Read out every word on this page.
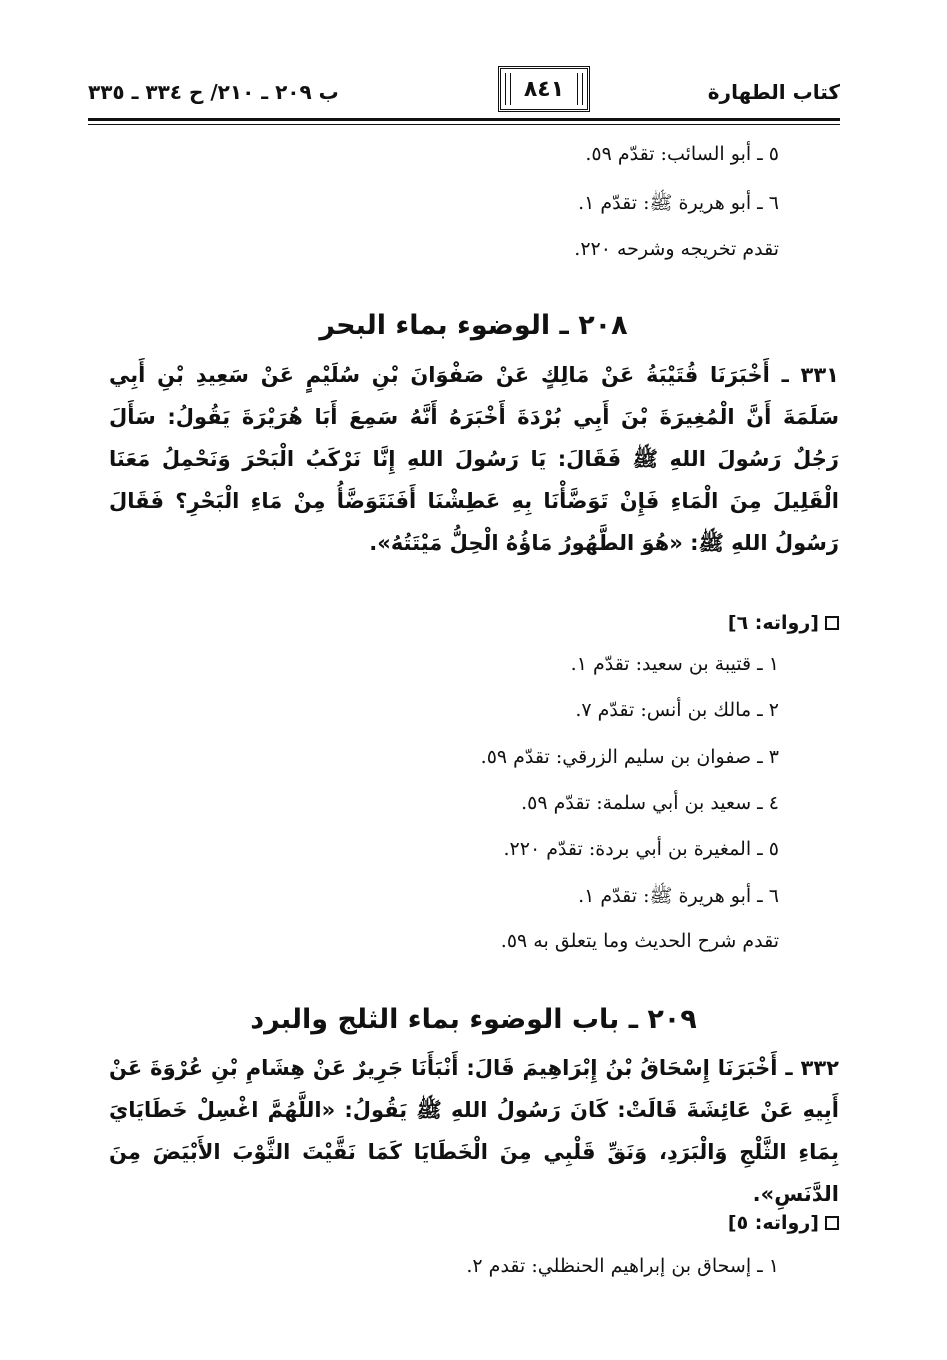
كتاب الطهارة
٨٤١
ب ٢٠٩ ـ ٢١٠/ ح ٣٣٤ ـ ٣٣٥
٥ ـ أبو السائب: تقدّم ٥٩.
٦ ـ أبو هريرة ﷺ: تقدّم ١.
تقدم تخريجه وشرحه ٢٢٠.
٢٠٨ ـ الوضوء بماء البحر
٣٣١ ـ أَخْبَرَنَا قُتَيْبَةُ عَنْ مَالِكٍ عَنْ صَفْوَانَ بْنِ سُلَيْمٍ عَنْ سَعِيدِ بْنِ أَبِي سَلَمَةَ أَنَّ الْمُغِيرَةَ بْنَ أَبِي بُرْدَةَ أَخْبَرَهُ أَنَّهُ سَمِعَ أَبَا هُرَيْرَةَ يَقُولُ: سَأَلَ رَجُلٌ رَسُولَ اللهِ ﷺ فَقَالَ: يَا رَسُولَ اللهِ إِنَّا نَرْكَبُ الْبَحْرَ وَنَحْمِلُ مَعَنَا الْقَلِيلَ مِنَ الْمَاءِ فَإِنْ تَوَضَّأْنَا بِهِ عَطِشْنَا أَفَنَتَوَضَّأُ مِنْ مَاءِ الْبَحْرِ؟ فَقَالَ رَسُولُ اللهِ ﷺ: «هُوَ الطَّهُورُ مَاؤُهُ الْحِلُّ مَيْتَتُهُ».
[رواته: ٦]
١ ـ قتيبة بن سعيد: تقدّم ١.
٢ ـ مالك بن أنس: تقدّم ٧.
٣ ـ صفوان بن سليم الزرقي: تقدّم ٥٩.
٤ ـ سعيد بن أبي سلمة: تقدّم ٥٩.
٥ ـ المغيرة بن أبي بردة: تقدّم ٢٢٠.
٦ ـ أبو هريرة ﷺ: تقدّم ١.
تقدم شرح الحديث وما يتعلق به ٥٩.
٢٠٩ ـ باب الوضوء بماء الثلج والبرد
٣٣٢ ـ أَخْبَرَنَا إِسْحَاقُ بْنُ إِبْرَاهِيمَ قَالَ: أَنْبَأَنَا جَرِيرٌ عَنْ هِشَامِ بْنِ عُرْوَةَ عَنْ أَبِيهِ عَنْ عَائِشَةَ قَالَتْ: كَانَ رَسُولُ اللهِ ﷺ يَقُولُ: «اللَّهُمَّ اغْسِلْ خَطَايَايَ بِمَاءِ الثَّلْجِ وَالْبَرَدِ، وَنَقِّ قَلْبِي مِنَ الْخَطَايَا كَمَا نَقَّيْتَ الثَّوْبَ الأَبْيَضَ مِنَ الدَّنَسِ».
[رواته: ٥]
١ ـ إسحاق بن إبراهيم الحنظلي: تقدم ٢.
